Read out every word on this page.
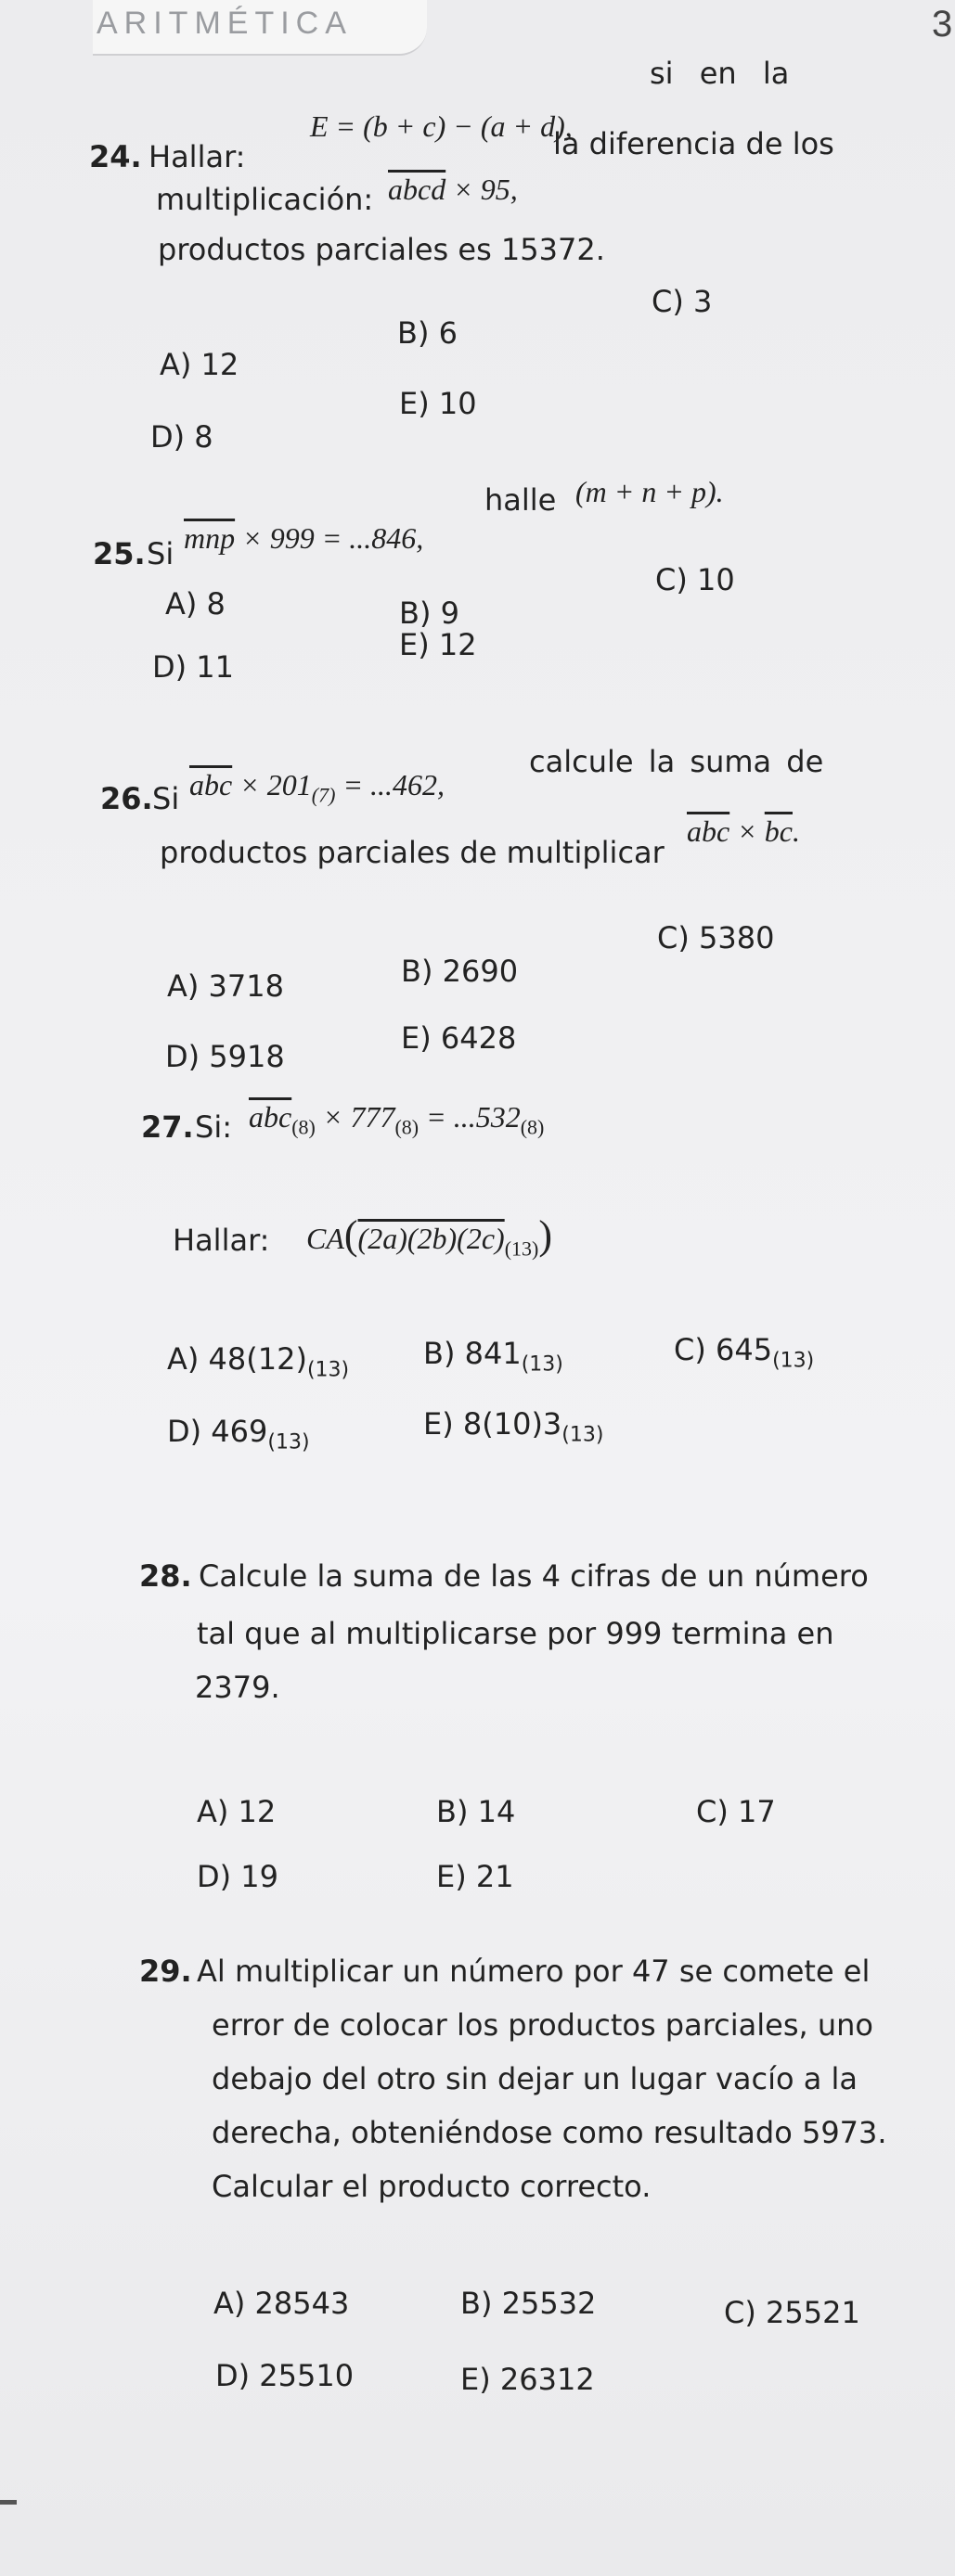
ARITMÉTICA	3
24. Hallar:
E = (b + c) − (a + d),
si en la
multiplicación: abcd × 95,
la diferencia de los
productos parciales es 15372.
A) 12
B) 6
C) 3
D) 8
E) 10
25. Si $\overline{mnp} \times 999 = ...846$,
halle (m + n + p).
A) 8	B) 9
C) 10
D) 11
E) 12
26. Si $\overline{abc} \times 201_{(7)} = ...462$,
calcule la suma de
productos parciales de multiplicar
$\overline{abc} \times \overline{bc}$.
A) 3718	B) 2690
C) 5380
D) 5918
E) 6428
27. Si: $\overline{abc}_{(8)} \times 777_{(8)} = ...532_{(8)}$
Hallar: $CA((2a)(2b)(2c)_{(13)})$
A) $48(12)_{(13)}$ B) $841_{(13)}$	C) $645_{(13)}$
D) $469_{(13)}$
E) $8(10)3_{(13)}$
28. Calcule la suma de las 4 cifras de un número
tal que al multiplicarse por 999 termina en
2379.
A) 12	B) 14	C) 17
D) 19	E) 21
29. Al multiplicar un número por 47 se comete el
error de colocar los productos parciales, uno
debajo del otro sin dejar un lugar vacío a la
derecha, obteniéndose como resultado 5973.
Calcular el producto correcto.
A) 28543	B) 25532	C) 25521
D) 25510	E) 26312
